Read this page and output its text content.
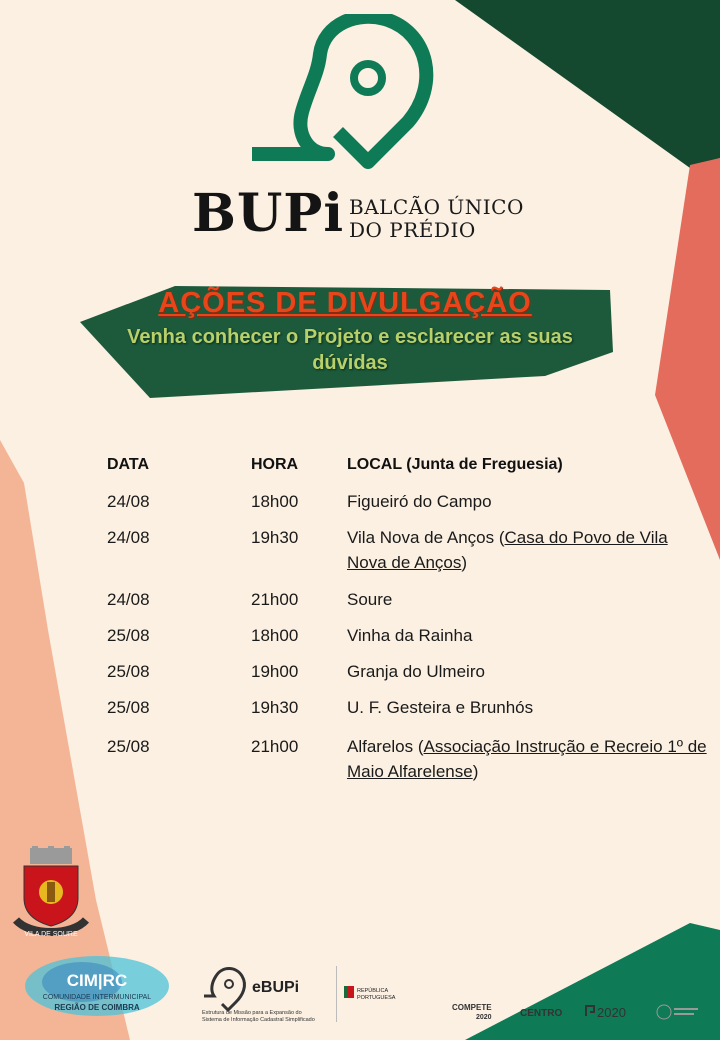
BUPi BALCÃO ÚNICO
DO PRÉDIO
AÇÕES DE DIVULGAÇÃO
Venha conhecer o Projeto e esclarecer as suas
dúvidas
DATA	HORA	LOCAL (Junta de Freguesia)
24/08	18h00	Figueiró do Campo
24/08	19h30	Vila Nova de Anços (Casa do Povo de Vila Nova de Anços)
24/08	21h00	Soure
25/08	18h00	Vinha da Rainha
25/08	19h00	Granja do Ulmeiro
25/08	19h30	U. F. Gesteira e Brunhós
25/08	21h00	Alfarelos (Associação Instrução e Recreio 1º de Maio Alfarelense)
VILA DE SOURE
CIM|RC
COMUNIDADE INTERMUNICIPAL
REGIÃO DE COIMBRA
eBUPi
Estrutura de Missão para a Expansão do
Sistema de Informação Cadastral Simplificado
REPÚBLICA
PORTUGUESA
COMPETE
2020	CENTRO	2020
